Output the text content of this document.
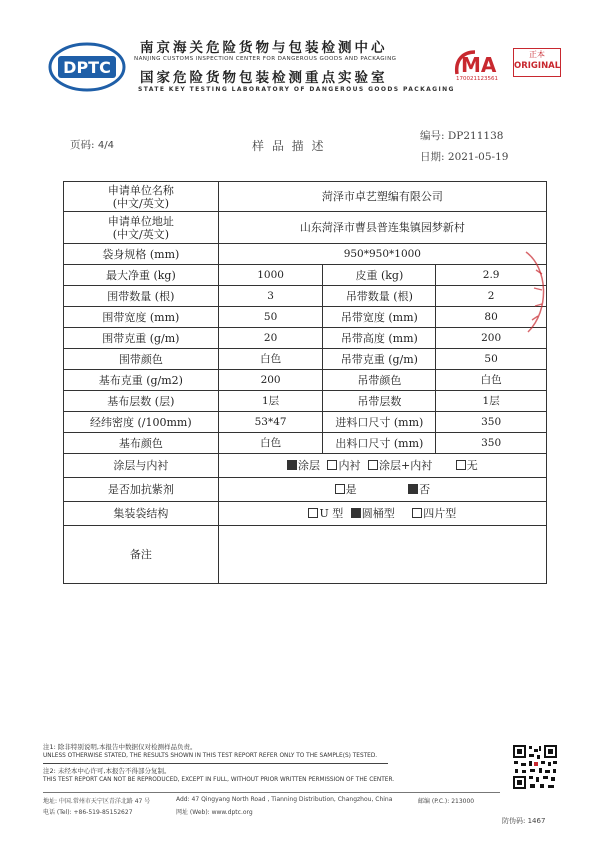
DPTC
南京海关危险货物与包装检测中心
NANJING CUSTOMS INSPECTION CENTER FOR DANGEROUS GOODS AND PACKAGING
国家危险货物包装检测重点实验室
STATE KEY TESTING LABORATORY OF DANGEROUS GOODS PACKAGING
MA
170021123561
正本
ORIGINAL
页码: 4/4	样 品 描 述
编号: DP211138
日期: 2021-05-19
申请单位名称
(中文/英文)	菏泽市卓艺塑编有限公司		

申请单位地址
(中文/英文)	山东菏泽市曹县普连集镇园梦新村		
袋身规格 (mm)	950*950*1000		
最大净重 (kg)	1000	皮重 (kg)	2.9
围带数量 (根)	3	吊带数量 (根)	2
围带宽度 (mm)	50	吊带宽度 (mm)	80
围带克重 (g/m)	20	吊带高度 (mm)	200
围带颜色	白色	吊带克重 (g/m)	50
基布克重 (g/m2)	200	吊带颜色	白色
基布层数 (层)	1层	吊带层数	1层
经纬密度 (/100mm)	53*47	进料口尺寸 (mm)	350
基布颜色	白色	出料口尺寸 (mm)	350
涂层与内衬	涂层 内衬 涂层+内衬 无		
是否加抗紫剂	是 否		
集装袋结构	U 型 圆桶型 四片型		
备注			
注1: 除非特别说明,本报告中数据仅对检测样品负责。
UNLESS OTHERWISE STATED, THE RESULTS SHOWN IN THIS TEST REPORT REFER ONLY TO THE SAMPLE(S) TESTED.
注2: 未经本中心许可,本报告不得部分复制。
THIS TEST REPORT CAN NOT BE REPRODUCED, EXCEPT IN FULL, WITHOUT PRIOR WRITTEN PERMISSION OF THE CENTER.
地址: 中国.常州市天宁区青洋北路 47 号	Add: 47 Qingyang North Road , Tianning Distribution, Changzhou, China	邮编 (P.C.): 213000
电话 (Tel): +86-519-85152627	网址 (Web): www.dptc.org
防伪码: 1467
